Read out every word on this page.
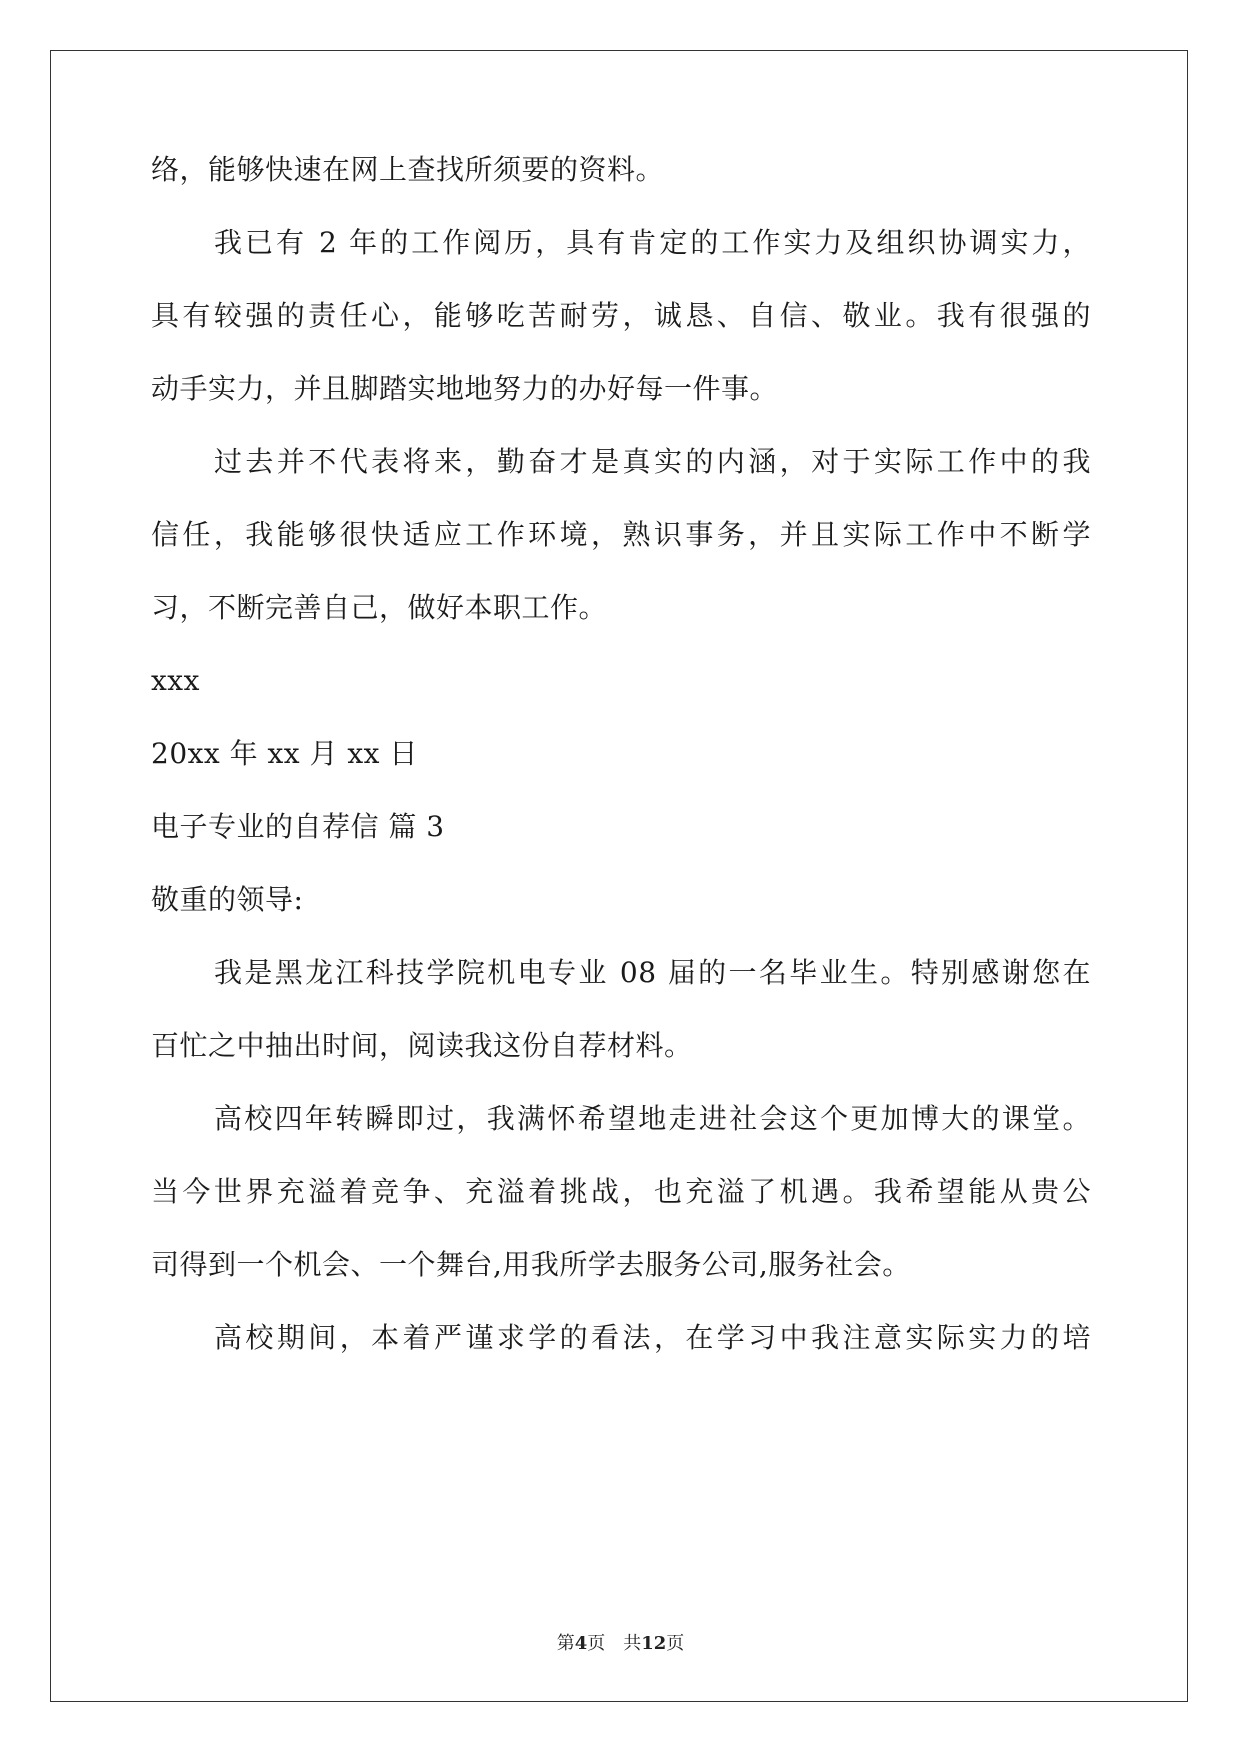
络，能够快速在网上查找所须要的资料。
我已有 2 年的工作阅历，具有肯定的工作实力及组织协调实力，
具有较强的责任心，能够吃苦耐劳，诚恳、自信、敬业。我有很强的
动手实力，并且脚踏实地地努力的办好每一件事。
过去并不代表将来，勤奋才是真实的内涵，对于实际工作中的我
信任，我能够很快适应工作环境，熟识事务，并且实际工作中不断学
习，不断完善自己，做好本职工作。
xxx
20xx 年 xx 月 xx 日
电子专业的自荐信 篇 3
敬重的领导:
我是黑龙江科技学院机电专业 08 届的一名毕业生。特别感谢您在
百忙之中抽出时间，阅读我这份自荐材料。
高校四年转瞬即过，我满怀希望地走进社会这个更加博大的课堂。
当今世界充溢着竞争、充溢着挑战，也充溢了机遇。我希望能从贵公
司得到一个机会、一个舞台,用我所学去服务公司,服务社会。
高校期间，本着严谨求学的看法，在学习中我注意实际实力的培
第4页 共12页
